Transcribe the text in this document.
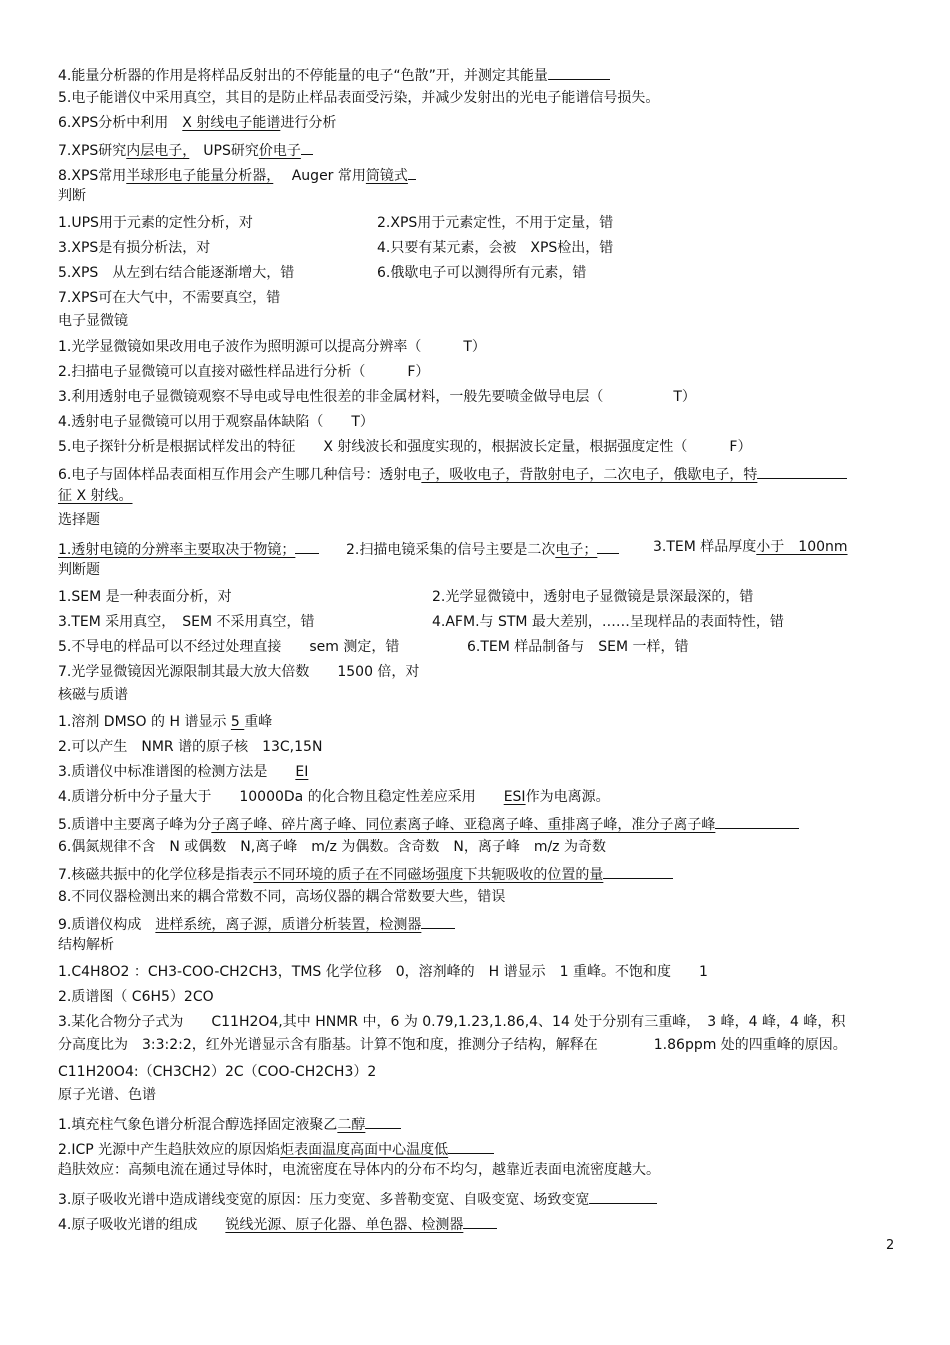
4.能量分析器的作用是将样品反射出的不停能量的电子“色散”开，并测定其能量
5.电子能谱仪中采用真空，其目的是防止样品表面受污染，并减少发射出的光电子能谱信号损失。
6.XPS分析中利用　X 射线电子能谱进行分析
7.XPS研究内层电子，　UPS研究价电子
8.XPS常用半球形电子能量分析器，　 Auger 常用筒镜式
判断
1.UPS用于元素的定性分析，对	2.XPS用于元素定性，不用于定量，错
3.XPS是有损分析法，对	4.只要有某元素，会被　XPS检出，错
5.XPS　从左到右结合能逐渐增大，错	6.俄歇电子可以测得所有元素，错
7.XPS可在大气中，不需要真空，错
电子显微镜
1.光学显微镜如果改用电子波作为照明源可以提高分辨率（　　　T）
2.扫描电子显微镜可以直接对磁性样品进行分析（　　　F）
3.利用透射电子显微镜观察不导电或导电性很差的非金属材料，一般先要喷金做导电层（　　　　　T）
4.透射电子显微镜可以用于观察晶体缺陷（　　T）
5.电子探针分析是根据试样发出的特征　　X 射线波长和强度实现的，根据波长定量，根据强度定性（　　　F）
6.电子与固体样品表面相互作用会产生哪几种信号：透射电子，吸收电子，背散射电子，二次电子，俄歇电子，特
征 X 射线。
选择题
1.透射电镜的分辨率主要取决于物镜；	2.扫描电镜采集的信号主要是二次电子；	3.TEM 样品厚度小于　100nm
判断题
1.SEM 是一种表面分析，对	2.光学显微镜中，透射电子显微镜是景深最深的，错
3.TEM 采用真空，　SEM 不采用真空，错	4.AFM.与 STM 最大差别，……呈现样品的表面特性，错
5.不导电的样品可以不经过处理直接　　sem 测定，错	6.TEM 样品制备与　SEM 一样，错
7.光学显微镜因光源限制其最大放大倍数　　1500 倍，对
核磁与质谱
1.溶剂 DMSO 的 H 谱显示 5 重峰
2.可以产生　NMR 谱的原子核　13C,15N
3.质谱仪中标准谱图的检测方法是　　EI
4.质谱分析中分子量大于　　10000Da 的化合物且稳定性差应采用　　ESI作为电离源。
5.质谱中主要离子峰为分子离子峰、碎片离子峰、同位素离子峰、亚稳离子峰、重排离子峰，准分子离子峰
6.偶氮规律不含　N 或偶数　N,离子峰　m/z 为偶数。含奇数　N，离子峰　m/z 为奇数
7.核磁共振中的化学位移是指表示不同环境的质子在不同磁场强度下共轭吸收的位置的量
8.不同仪器检测出来的耦合常数不同，高场仪器的耦合常数要大些，错误
9.质谱仪构成　进样系统，离子源，质谱分析装置，检测器
结构解析
1.C4H8O2 ：CH3-COO-CH2CH3，TMS 化学位移　0，溶剂峰的　H 谱显示　1 重峰。不饱和度　　1
2.质谱图（ C6H5）2CO
3.某化合物分子式为　　C11H2O4,其中 HNMR 中，6 为 0.79,1.23,1.86,4、14 处于分别有三重峰，　3 峰，4 峰，4 峰，积
分高度比为　3:3:2:2，红外光谱显示含有脂基。计算不饱和度，推测分子结构，解释在　　　　1.86ppm 处的四重峰的原因。
C11H20O4:（CH3CH2）2C（COO-CH2CH3）2
原子光谱、色谱
1.填充柱气象色谱分析混合醇选择固定液聚乙二醇
2.ICP 光源中产生趋肤效应的原因焰炬表面温度高面中心温度低
趋肤效应：高频电流在通过导体时，电流密度在导体内的分布不均匀，越靠近表面电流密度越大。
3.原子吸收光谱中造成谱线变宽的原因：压力变宽、多普勒变宽、自吸变宽、场致变宽
4.原子吸收光谱的组成　　锐线光源、原子化器、单色器、检测器
2
